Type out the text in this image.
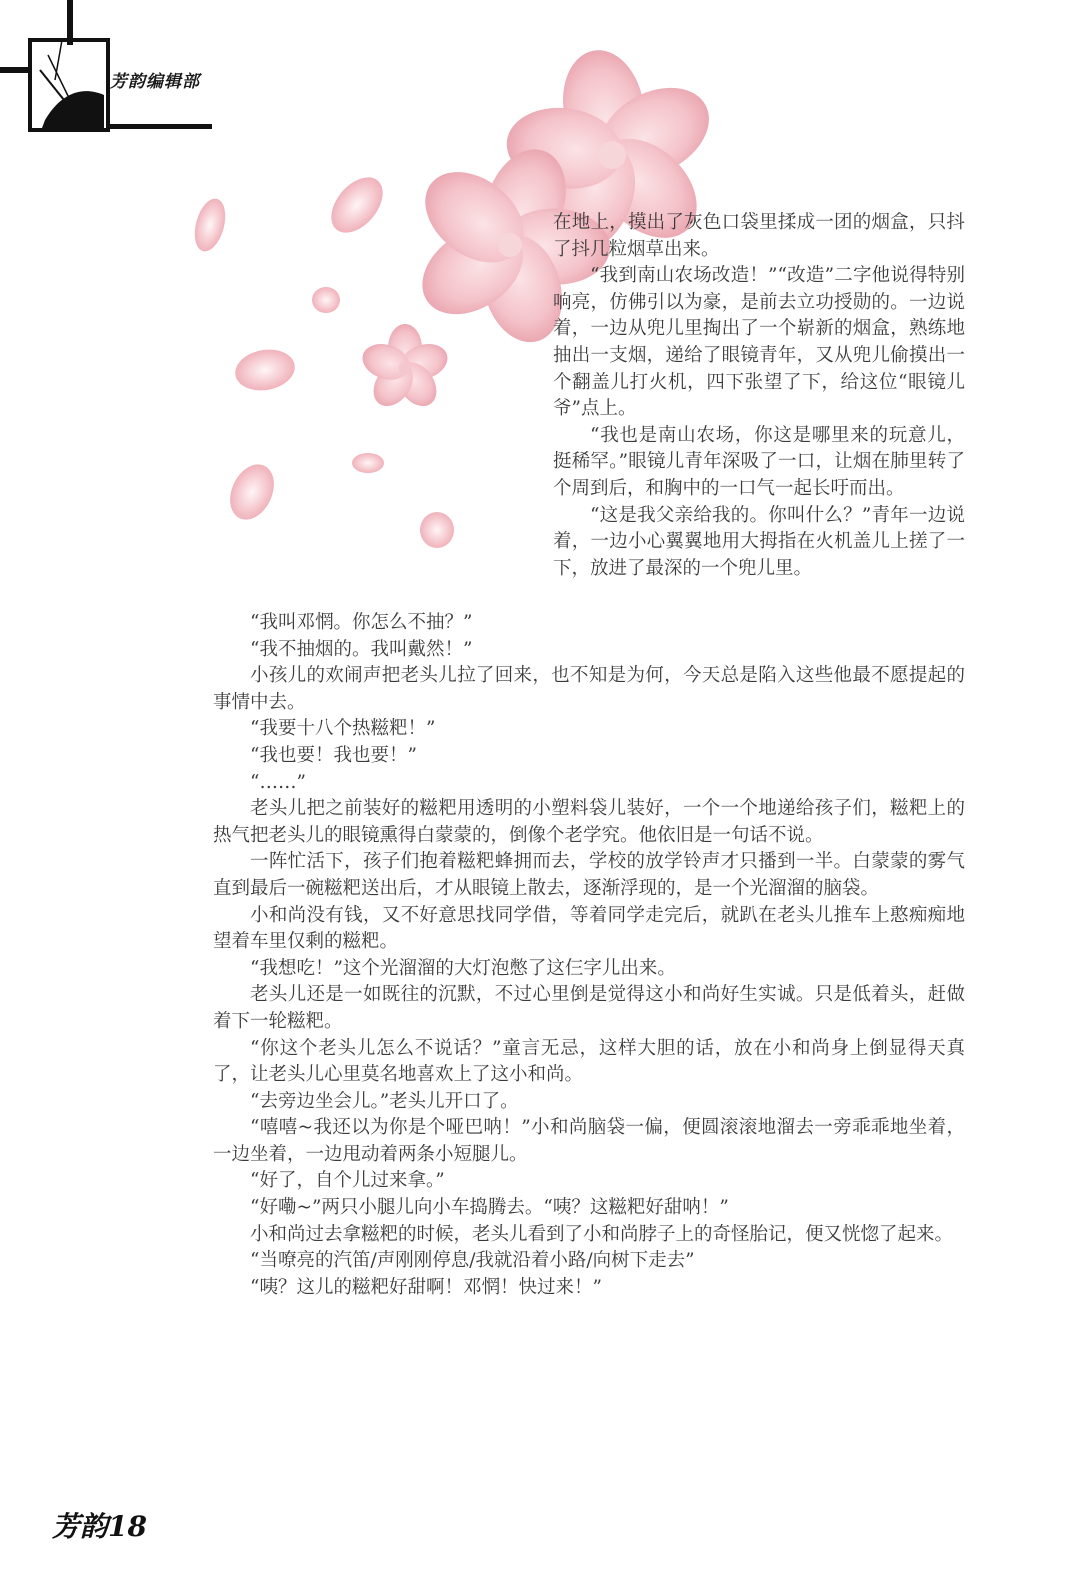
芳韵编辑部

在地上，摸出了灰色口袋里揉成一团的烟盒，只抖了抖几粒烟草出来。

“我到南山农场改造！”“改造”二字他说得特别响亮，仿佛引以为豪，是前去立功授勋的。一边说着，一边从兜儿里掏出了一个崭新的烟盒，熟练地抽出一支烟，递给了眼镜青年，又从兜儿偷摸出一个翻盖儿打火机，四下张望了下，给这位“眼镜儿爷”点上。

“我也是南山农场，你这是哪里来的玩意儿，挺稀罕。”眼镜儿青年深吸了一口，让烟在肺里转了个周到后，和胸中的一口气一起长吁而出。

“这是我父亲给我的。你叫什么？”青年一边说着，一边小心翼翼地用大拇指在火机盖儿上搓了一下，放进了最深的一个兜儿里。

“我叫邓惘。你怎么不抽？”

“我不抽烟的。我叫戴然！”

小孩儿的欢闹声把老头儿拉了回来，也不知是为何，今天总是陷入这些他最不愿提起的事情中去。

“我要十八个热糍粑！”

“我也要！我也要！”

“……”

老头儿把之前装好的糍粑用透明的小塑料袋儿装好，一个一个地递给孩子们，糍粑上的热气把老头儿的眼镜熏得白蒙蒙的，倒像个老学究。他依旧是一句话不说。

一阵忙活下，孩子们抱着糍粑蜂拥而去，学校的放学铃声才只播到一半。白蒙蒙的雾气直到最后一碗糍粑送出后，才从眼镜上散去，逐渐浮现的，是一个光溜溜的脑袋。

小和尚没有钱，又不好意思找同学借，等着同学走完后，就趴在老头儿推车上憨痴痴地望着车里仅剩的糍粑。

“我想吃！”这个光溜溜的大灯泡憋了这仨字儿出来。

老头儿还是一如既往的沉默，不过心里倒是觉得这小和尚好生实诚。只是低着头，赶做着下一轮糍粑。

“你这个老头儿怎么不说话？”童言无忌，这样大胆的话，放在小和尚身上倒显得天真了，让老头儿心里莫名地喜欢上了这小和尚。

“去旁边坐会儿。”老头儿开口了。

“嘻嘻~我还以为你是个哑巴呐！”小和尚脑袋一偏，便圆滚滚地溜去一旁乖乖地坐着，一边坐着，一边甩动着两条小短腿儿。

“好了，自个儿过来拿。”

“好嘞~”两只小腿儿向小车捣腾去。“咦？这糍粑好甜呐！”

小和尚过去拿糍粑的时候，老头儿看到了小和尚脖子上的奇怪胎记，便又恍惚了起来。

“当嘹亮的汽笛/声刚刚停息/我就沿着小路/向树下走去”

“咦？这儿的糍粑好甜啊！邓惘！快过来！”

芳韵18
